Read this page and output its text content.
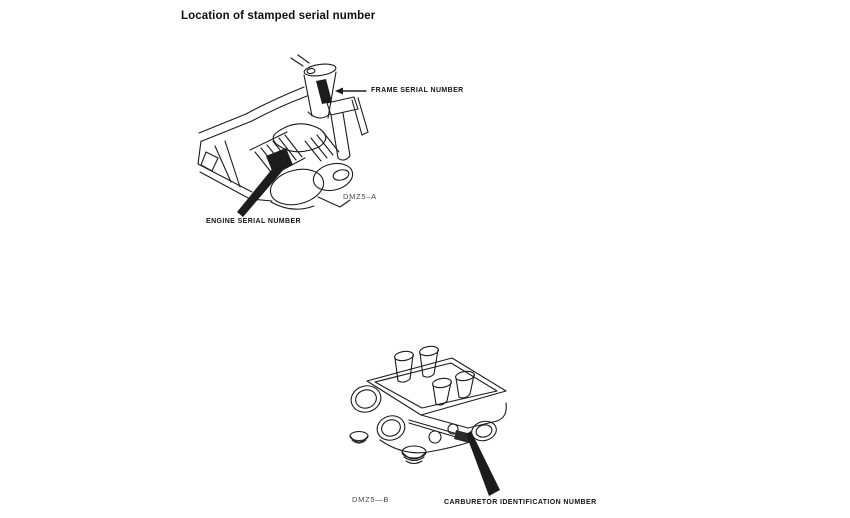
Location of stamped serial number
FRAME SERIAL NUMBER
ENGINE SERIAL NUMBER
DMZ5–A
DMZ5—B	CARBURETOR IDENTIFICATION NUMBER
